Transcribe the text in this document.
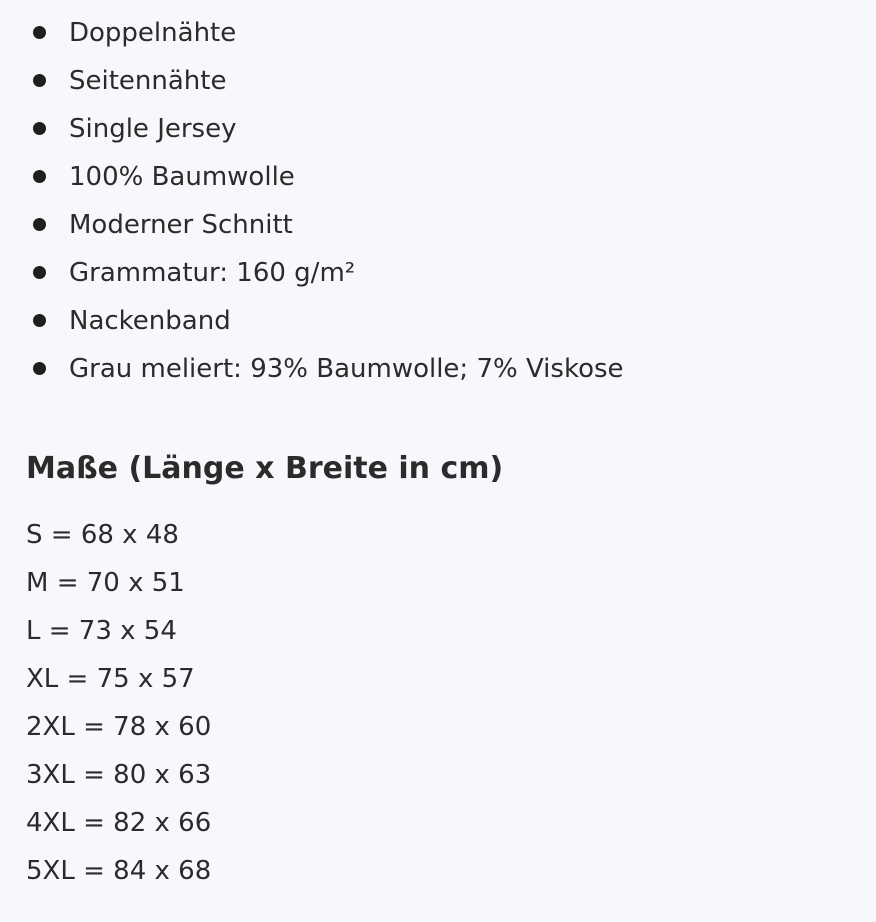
Doppelnähte
Seitennähte
Single Jersey
100% Baumwolle
Moderner Schnitt
Grammatur: 160 g/m²
Nackenband
Grau meliert: 93% Baumwolle; 7% Viskose
Maße (Länge x Breite in cm)
S = 68 x 48
M = 70 x 51
L = 73 x 54
XL = 75 x 57
2XL = 78 x 60
3XL = 80 x 63
4XL = 82 x 66
5XL = 84 x 68
